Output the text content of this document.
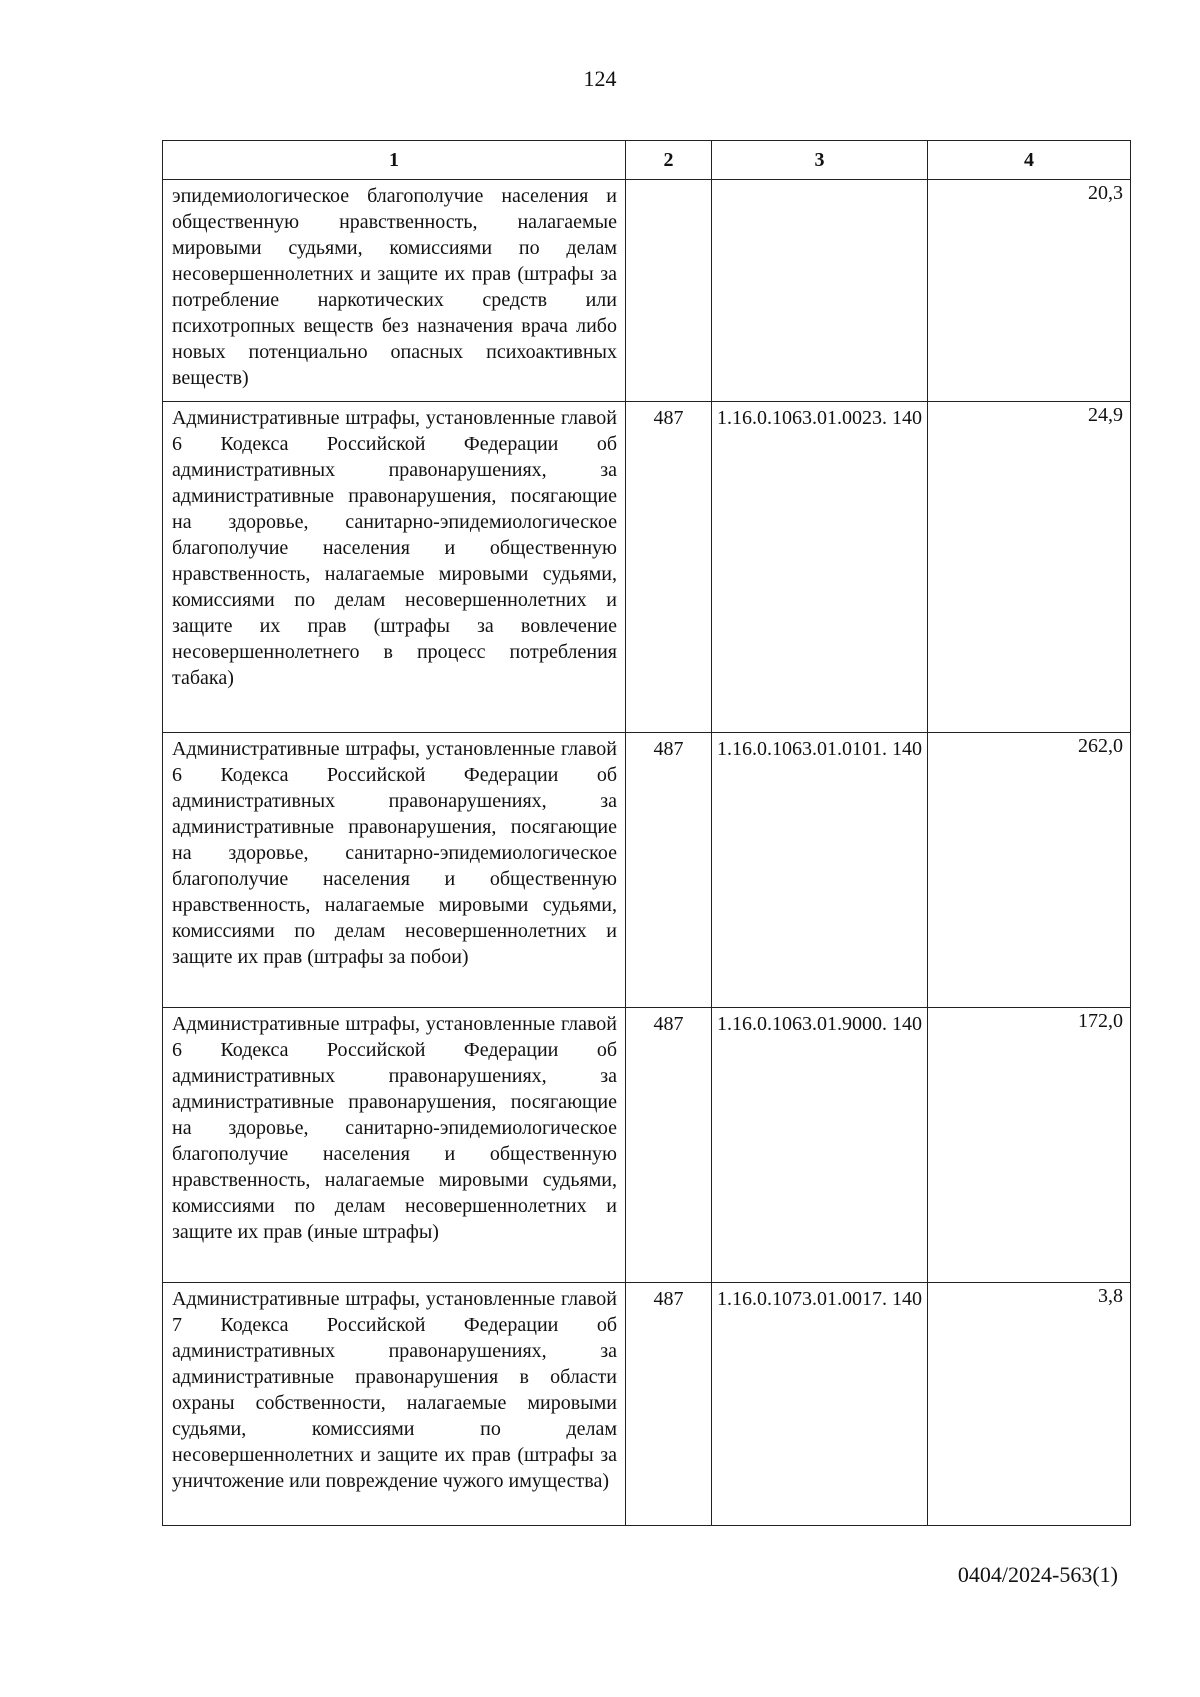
124
1	2	3	4
эпидемиологическое благополучие населения и общественную нравственность, налагаемые мировыми судьями, комиссиями по делам несовершеннолетних и защите их прав (штрафы за потребление наркотических средств или психотропных веществ без назначения врача либо новых потенциально опасных психоактивных веществ)			20,3
Административные штрафы, установленные главой 6 Кодекса Российской Федерации об административных правонарушениях, за административные правонарушения, посягающие на здоровье, санитарно-эпидемиологическое благополучие населения и общественную нравственность, налагаемые мировыми судьями, комиссиями по делам несовершеннолетних и защите их прав (штрафы за вовлечение несовершеннолетнего в процесс потребления табака)	487	1.16.0.1063.01.0023. 140	24,9
Административные штрафы, установленные главой 6 Кодекса Российской Федерации об административных правонарушениях, за административные правонарушения, посягающие на здоровье, санитарно-эпидемиологическое благополучие населения и общественную нравственность, налагаемые мировыми судьями, комиссиями по делам несовершеннолетних и защите их прав (штрафы за побои)	487	1.16.0.1063.01.0101. 140	262,0
Административные штрафы, установленные главой 6 Кодекса Российской Федерации об административных правонарушениях, за административные правонарушения, посягающие на здоровье, санитарно-эпидемиологическое благополучие населения и общественную нравственность, налагаемые мировыми судьями, комиссиями по делам несовершеннолетних и защите их прав (иные штрафы)	487	1.16.0.1063.01.9000. 140	172,0
Административные штрафы, установленные главой 7 Кодекса Российской Федерации об административных правонарушениях, за административные правонарушения в области охраны собственности, налагаемые мировыми судьями, комиссиями по делам несовершеннолетних и защите их прав (штрафы за уничтожение или повреждение чужого имущества)	487	1.16.0.1073.01.0017. 140	3,8
0404/2024-563(1)
